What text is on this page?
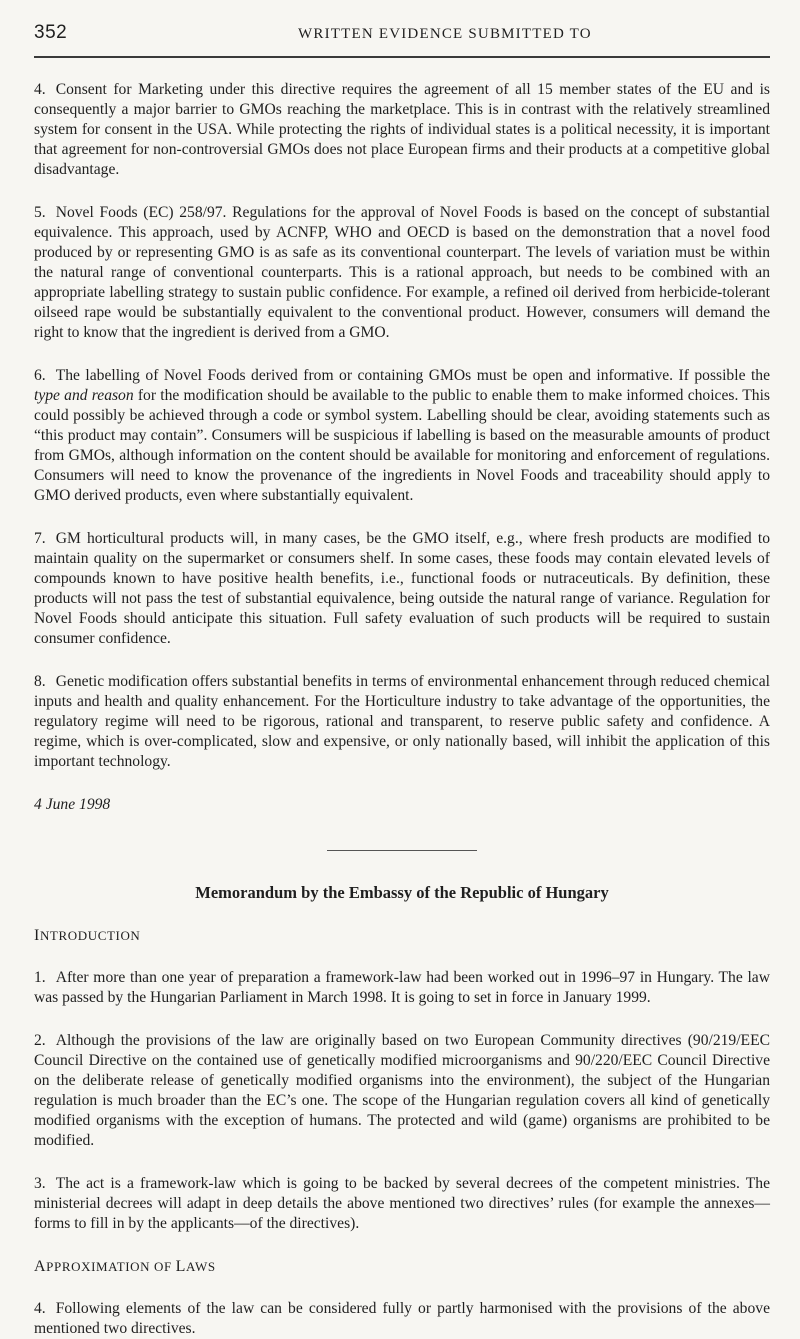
352	WRITTEN EVIDENCE SUBMITTED TO

4. Consent for Marketing under this directive requires the agreement of all 15 member states of the EU and is consequently a major barrier to GMOs reaching the marketplace. This is in contrast with the relatively streamlined system for consent in the USA. While protecting the rights of individual states is a political necessity, it is important that agreement for non-controversial GMOs does not place European firms and their products at a competitive global disadvantage.

5. Novel Foods (EC) 258/97. Regulations for the approval of Novel Foods is based on the concept of substantial equivalence. This approach, used by ACNFP, WHO and OECD is based on the demonstration that a novel food produced by or representing GMO is as safe as its conventional counterpart. The levels of variation must be within the natural range of conventional counterparts. This is a rational approach, but needs to be combined with an appropriate labelling strategy to sustain public confidence. For example, a refined oil derived from herbicide-tolerant oilseed rape would be substantially equivalent to the conventional product. However, consumers will demand the right to know that the ingredient is derived from a GMO.

6. The labelling of Novel Foods derived from or containing GMOs must be open and informative. If possible the type and reason for the modification should be available to the public to enable them to make informed choices. This could possibly be achieved through a code or symbol system. Labelling should be clear, avoiding statements such as “this product may contain”. Consumers will be suspicious if labelling is based on the measurable amounts of product from GMOs, although information on the content should be available for monitoring and enforcement of regulations. Consumers will need to know the provenance of the ingredients in Novel Foods and traceability should apply to GMO derived products, even where substantially equivalent.

7. GM horticultural products will, in many cases, be the GMO itself, e.g., where fresh products are modified to maintain quality on the supermarket or consumers shelf. In some cases, these foods may contain elevated levels of compounds known to have positive health benefits, i.e., functional foods or nutraceuticals. By definition, these products will not pass the test of substantial equivalence, being outside the natural range of variance. Regulation for Novel Foods should anticipate this situation. Full safety evaluation of such products will be required to sustain consumer confidence.

8. Genetic modification offers substantial benefits in terms of environmental enhancement through reduced chemical inputs and health and quality enhancement. For the Horticulture industry to take advantage of the opportunities, the regulatory regime will need to be rigorous, rational and transparent, to reserve public safety and confidence. A regime, which is over-complicated, slow and expensive, or only nationally based, will inhibit the application of this important technology.

4 June 1998
Memorandum by the Embassy of the Republic of Hungary
INTRODUCTION

1. After more than one year of preparation a framework-law had been worked out in 1996–97 in Hungary. The law was passed by the Hungarian Parliament in March 1998. It is going to set in force in January 1999.

2. Although the provisions of the law are originally based on two European Community directives (90/219/EEC Council Directive on the contained use of genetically modified microorganisms and 90/220/EEC Council Directive on the deliberate release of genetically modified organisms into the environment), the subject of the Hungarian regulation is much broader than the EC’s one. The scope of the Hungarian regulation covers all kind of genetically modified organisms with the exception of humans. The protected and wild (game) organisms are prohibited to be modified.

3. The act is a framework-law which is going to be backed by several decrees of the competent ministries. The ministerial decrees will adapt in deep details the above mentioned two directives’ rules (for example the annexes—forms to fill in by the applicants—of the directives).

APPROXIMATION OF LAWS

4. Following elements of the law can be considered fully or partly harmonised with the provisions of the above mentioned two directives.
